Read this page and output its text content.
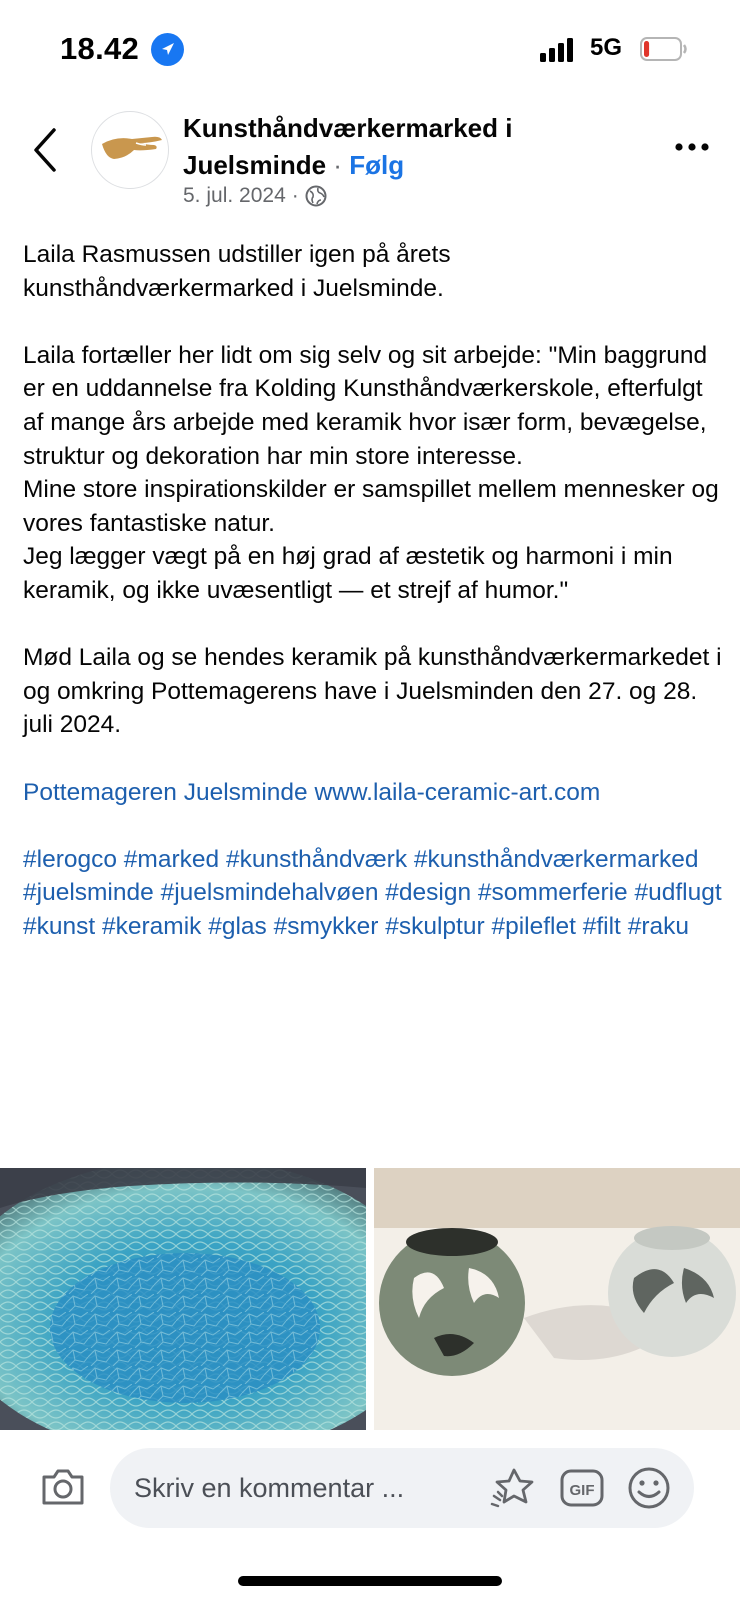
18.42	5G
Kunsthåndværkermarked i Juelsminde · Følg
5. jul. 2024 ·
Laila Rasmussen udstiller igen på årets kunsthåndværkermarked i Juelsminde.
Laila fortæller her lidt om sig selv og sit arbejde: "Min baggrund er en uddannelse fra Kolding Kunsthåndværkerskole, efterfulgt af mange års arbejde med keramik hvor især form, bevægelse, struktur og dekoration har min store interesse.
Mine store inspirationskilder er samspillet mellem mennesker og vores fantastiske natur.
Jeg lægger vægt på en høj grad af æstetik og harmoni i min keramik, og ikke uvæsentligt — et strejf af humor."
Mød Laila og se hendes keramik på kunsthåndværkermarkedet i og omkring Pottemagerens have i Juelsminden den 27. og 28. juli 2024.
Pottemageren Juelsminde www.laila-ceramic-art.com
#lerogco #marked #kunsthåndværk #kunsthåndværkermarked #juelsminde #juelsmindehalvøen #design #sommerferie #udflugt #kunst #keramik #glas #smykker #skulptur #pileflet #filt #raku
Skriv en kommentar ...
GIF
